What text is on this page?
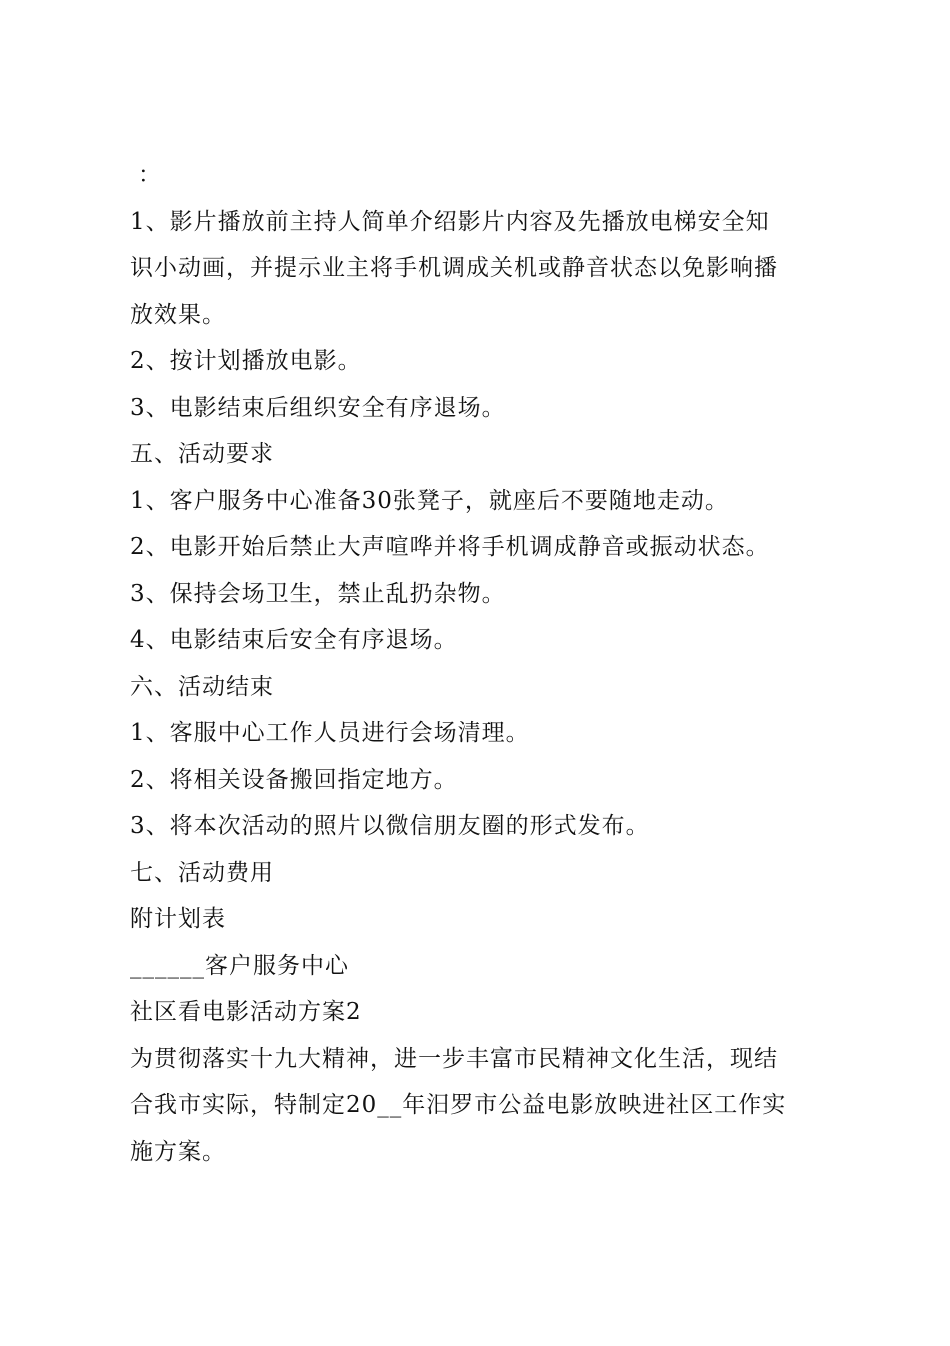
：
1、影片播放前主持人简单介绍影片内容及先播放电梯安全知
识小动画，并提示业主将手机调成关机或静音状态以免影响播
放效果。
2、按计划播放电影。
3、电影结束后组织安全有序退场。
五、活动要求
1、客户服务中心准备30张凳子，就座后不要随地走动。
2、电影开始后禁止大声喧哗并将手机调成静音或振动状态。
3、保持会场卫生，禁止乱扔杂物。
4、电影结束后安全有序退场。
六、活动结束
1、客服中心工作人员进行会场清理。
2、将相关设备搬回指定地方。
3、将本次活动的照片以微信朋友圈的形式发布。
七、活动费用
附计划表
______客户服务中心
社区看电影活动方案2
为贯彻落实十九大精神，进一步丰富市民精神文化生活，现结
合我市实际，特制定20__年汨罗市公益电影放映进社区工作实
施方案。
